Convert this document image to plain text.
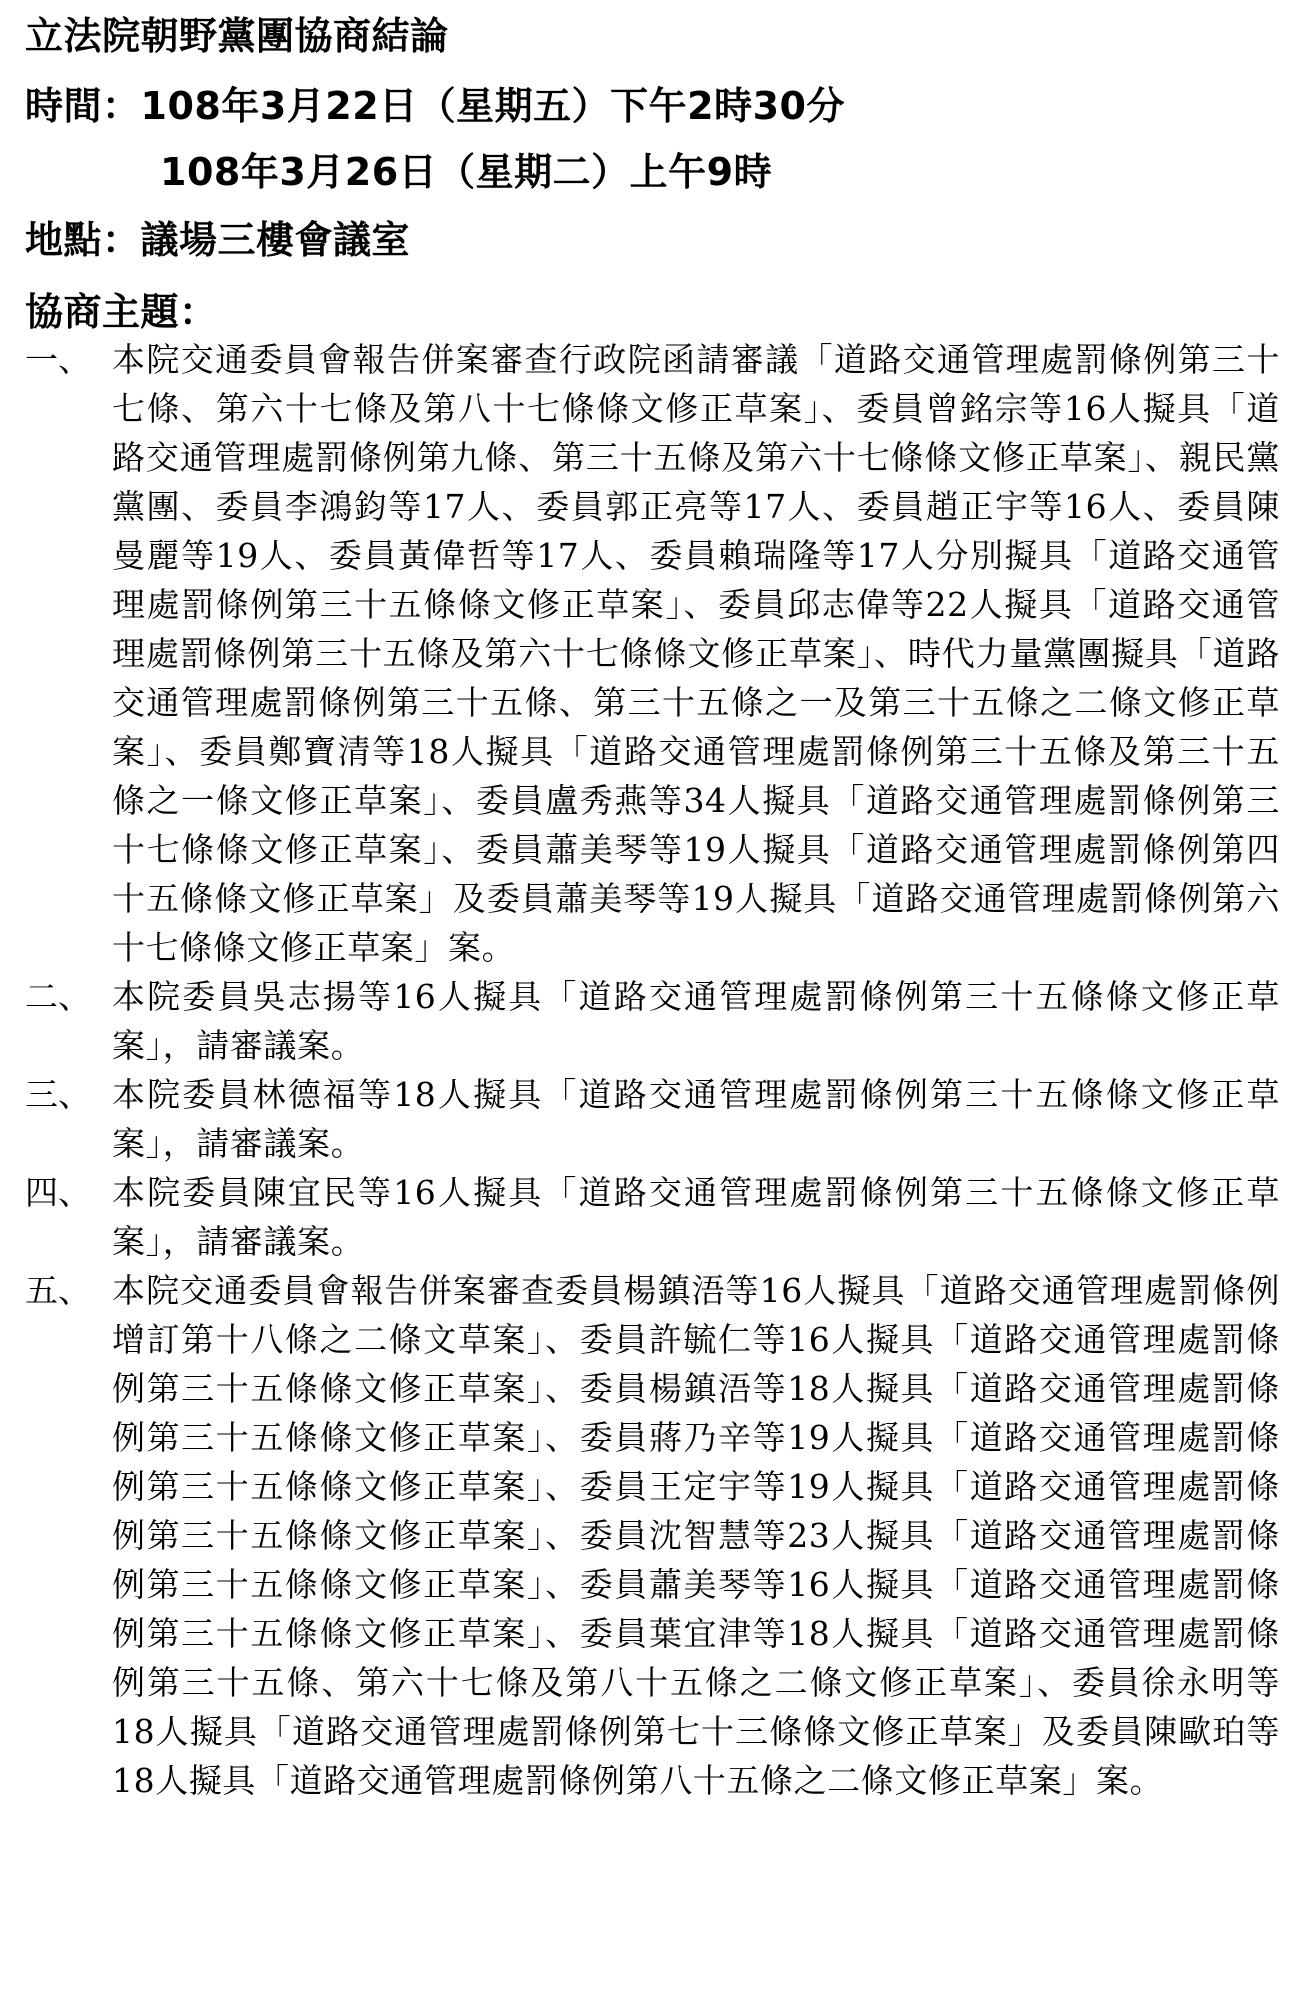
立法院朝野黨團協商結論
時間：108年3月22日（星期五）下午2時30分
108年3月26日（星期二）上午9時
地點：議場三樓會議室
協商主題：
一、 本院交通委員會報告併案審查行政院函請審議「道路交通管理處罰條例第三十七條、第六十七條及第八十七條條文修正草案」、委員曾銘宗等16人擬具「道路交通管理處罰條例第九條、第三十五條及第六十七條條文修正草案」、親民黨黨團、委員李鴻鈞等17人、委員郭正亮等17人、委員趙正宇等16人、委員陳曼麗等19人、委員黃偉哲等17人、委員賴瑞隆等17人分別擬具「道路交通管理處罰條例第三十五條條文修正草案」、委員邱志偉等22人擬具「道路交通管理處罰條例第三十五條及第六十七條條文修正草案」、時代力量黨團擬具「道路交通管理處罰條例第三十五條、第三十五條之一及第三十五條之二條文修正草案」、委員鄭寶清等18人擬具「道路交通管理處罰條例第三十五條及第三十五條之一條文修正草案」、委員盧秀燕等34人擬具「道路交通管理處罰條例第三十七條條文修正草案」、委員蕭美琴等19人擬具「道路交通管理處罰條例第四十五條條文修正草案」及委員蕭美琴等19人擬具「道路交通管理處罰條例第六十七條條文修正草案」案。
二、 本院委員吳志揚等16人擬具「道路交通管理處罰條例第三十五條條文修正草案」，請審議案。
三、 本院委員林德福等18人擬具「道路交通管理處罰條例第三十五條條文修正草案」，請審議案。
四、 本院委員陳宜民等16人擬具「道路交通管理處罰條例第三十五條條文修正草案」，請審議案。
五、 本院交通委員會報告併案審查委員楊鎮浯等16人擬具「道路交通管理處罰條例增訂第十八條之二條文草案」、委員許毓仁等16人擬具「道路交通管理處罰條例第三十五條條文修正草案」、委員楊鎮浯等18人擬具「道路交通管理處罰條例第三十五條條文修正草案」、委員蔣乃辛等19人擬具「道路交通管理處罰條例第三十五條條文修正草案」、委員王定宇等19人擬具「道路交通管理處罰條例第三十五條條文修正草案」、委員沈智慧等23人擬具「道路交通管理處罰條例第三十五條條文修正草案」、委員蕭美琴等16人擬具「道路交通管理處罰條例第三十五條條文修正草案」、委員葉宜津等18人擬具「道路交通管理處罰條例第三十五條、第六十七條及第八十五條之二條文修正草案」、委員徐永明等18人擬具「道路交通管理處罰條例第七十三條條文修正草案」及委員陳歐珀等18人擬具「道路交通管理處罰條例第八十五條之二條文修正草案」案。
